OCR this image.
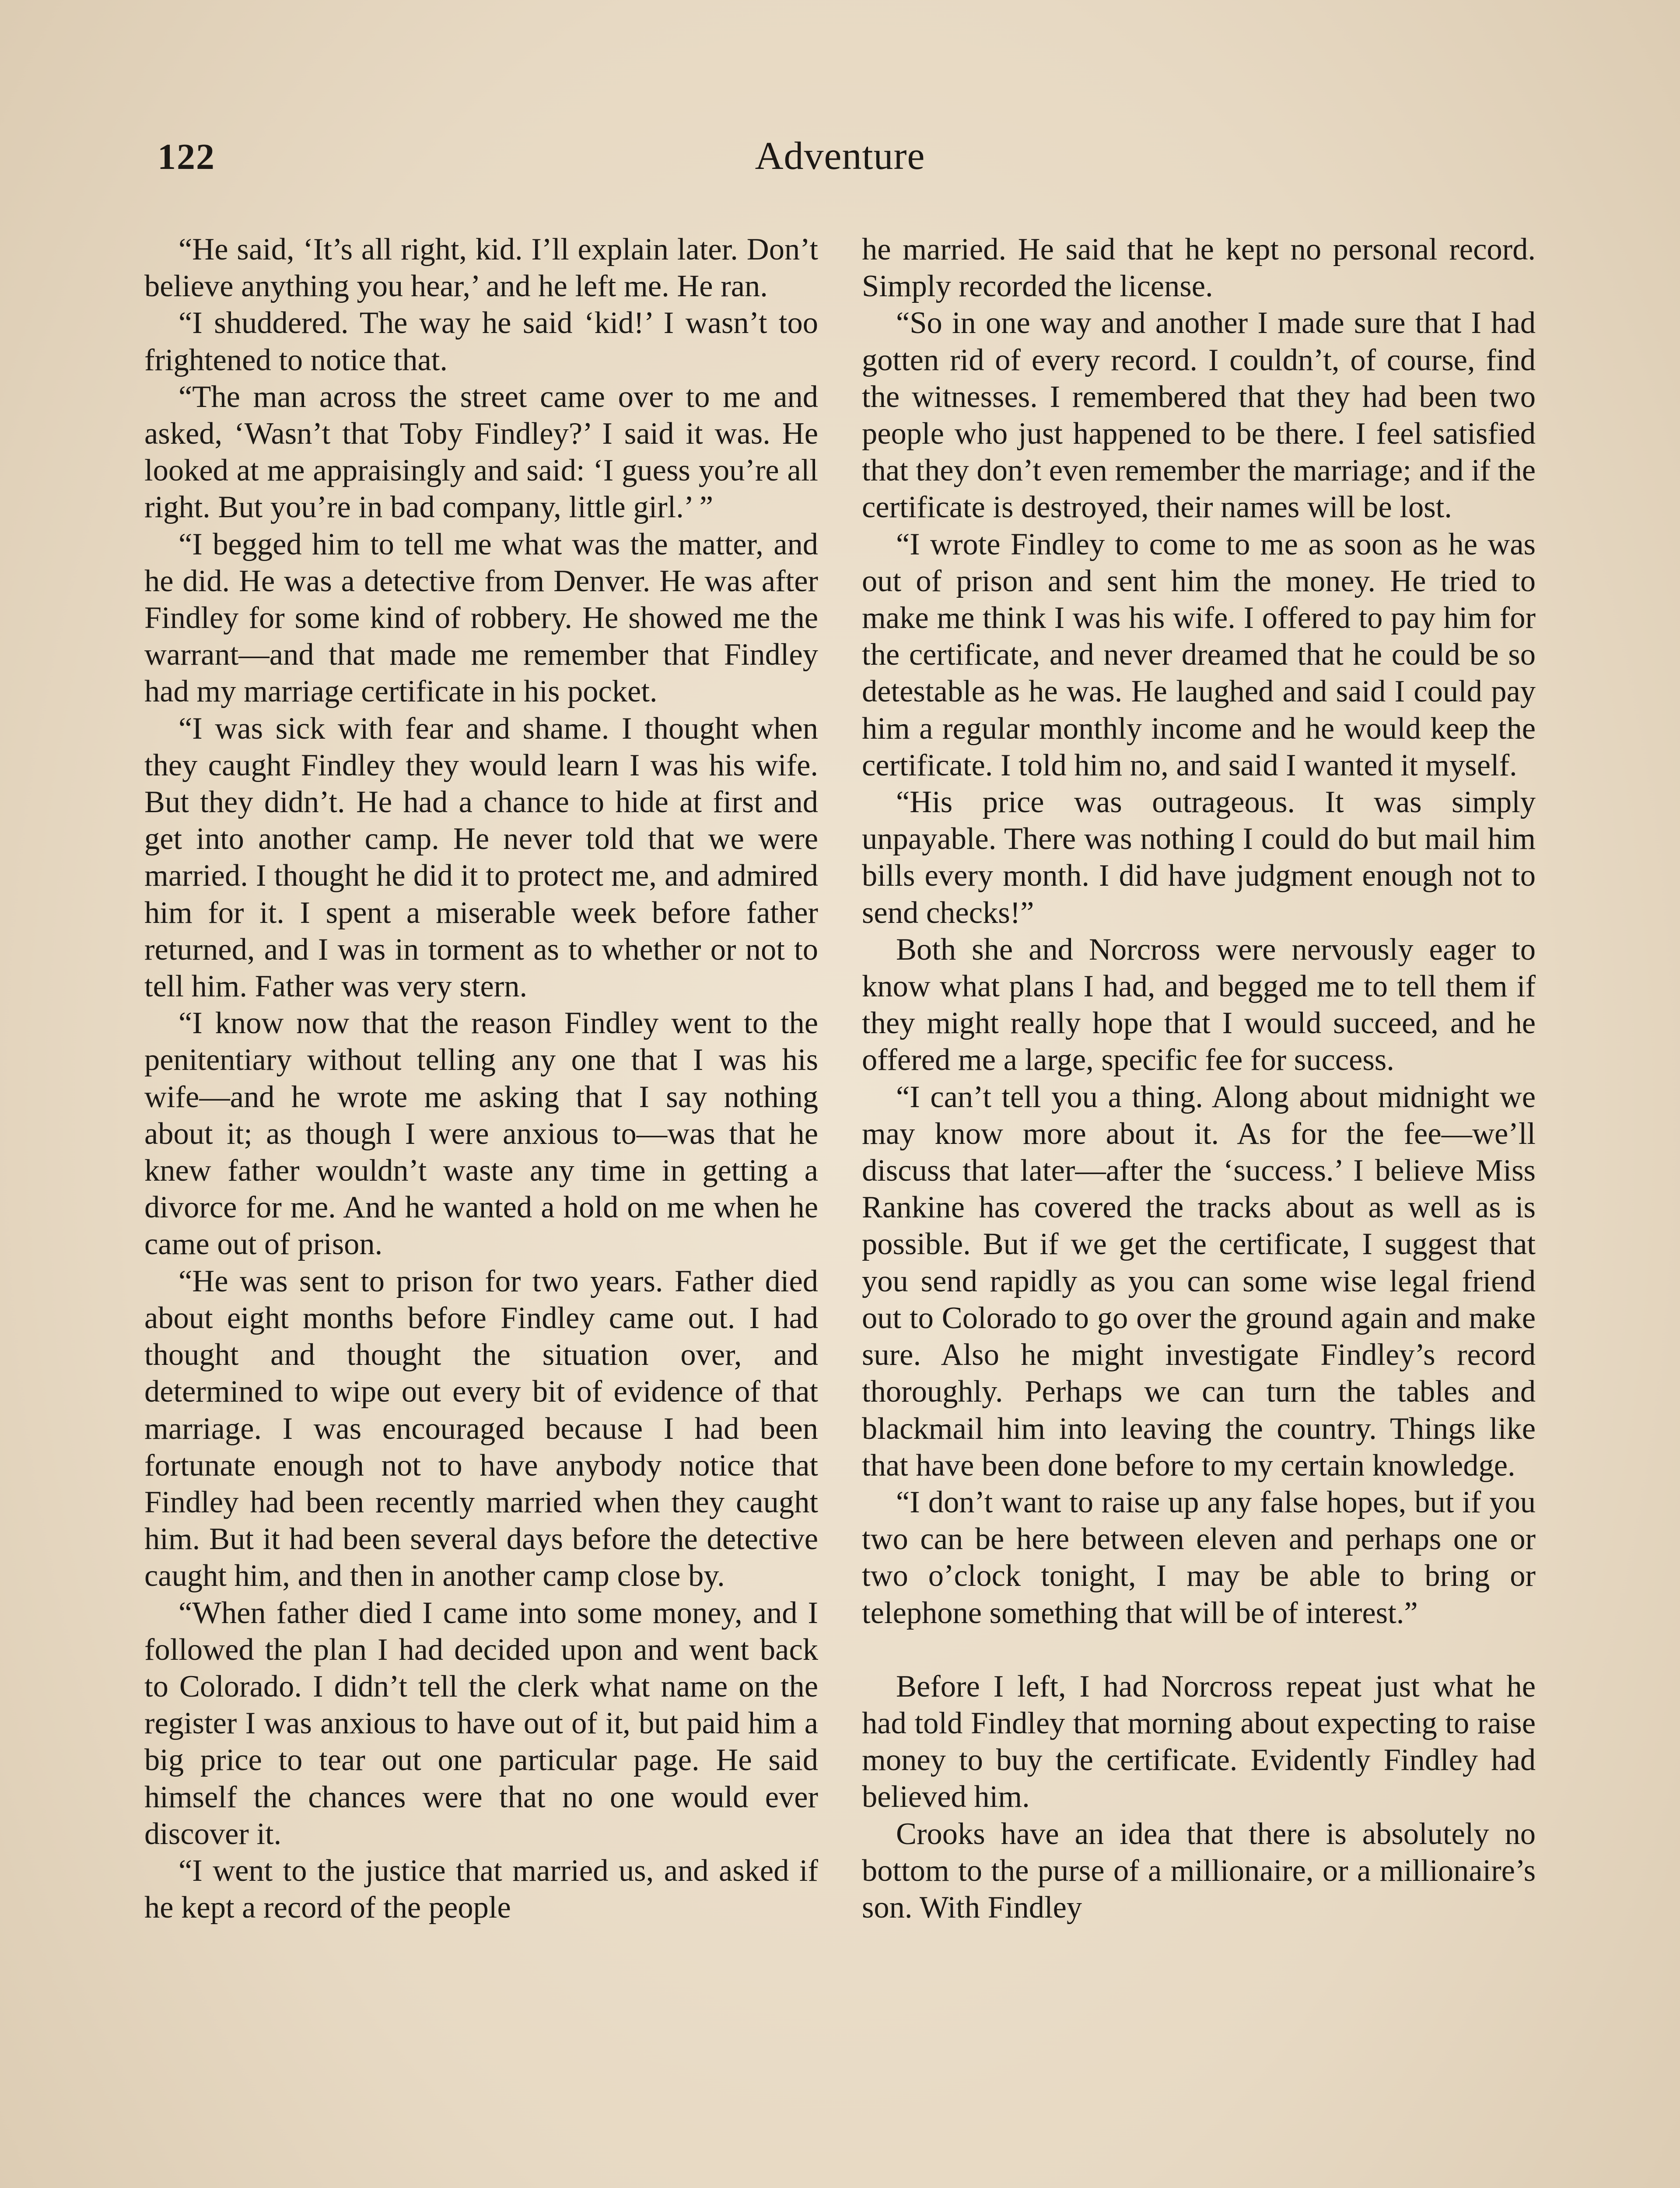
122	Adventure

“He said, ‘It’s all right, kid. I’ll explain later. Don’t believe anything you hear,’ and he left me. He ran.

“I shuddered. The way he said ‘kid!’ I wasn’t too frightened to notice that.

“The man across the street came over to me and asked, ‘Wasn’t that Toby Findley?’ I said it was. He looked at me appraisingly and said: ‘I guess you’re all right. But you’re in bad company, little girl.’ ”

“I begged him to tell me what was the matter, and he did. He was a detective from Denver. He was after Findley for some kind of robbery. He showed me the warrant—and that made me remember that Findley had my marriage certificate in his pocket.

“I was sick with fear and shame. I thought when they caught Findley they would learn I was his wife. But they didn’t. He had a chance to hide at first and get into another camp. He never told that we were married. I thought he did it to protect me, and admired him for it. I spent a miserable week before father returned, and I was in torment as to whether or not to tell him. Father was very stern.

“I know now that the reason Findley went to the penitentiary without telling any one that I was his wife—and he wrote me asking that I say nothing about it; as though I were anxious to—was that he knew father wouldn’t waste any time in getting a divorce for me. And he wanted a hold on me when he came out of prison.

“He was sent to prison for two years. Father died about eight months before Findley came out. I had thought and thought the situation over, and determined to wipe out every bit of evidence of that marriage. I was encouraged because I had been fortunate enough not to have anybody notice that Findley had been recently married when they caught him. But it had been several days before the detective caught him, and then in another camp close by.

“When father died I came into some money, and I followed the plan I had decided upon and went back to Colorado. I didn’t tell the clerk what name on the register I was anxious to have out of it, but paid him a big price to tear out one particular page. He said himself the chances were that no one would ever discover it.

“I went to the justice that married us, and asked if he kept a record of the people

he married. He said that he kept no personal record. Simply recorded the license.

“So in one way and another I made sure that I had gotten rid of every record. I couldn’t, of course, find the witnesses. I remembered that they had been two people who just happened to be there. I feel satisfied that they don’t even remember the marriage; and if the certificate is destroyed, their names will be lost.

“I wrote Findley to come to me as soon as he was out of prison and sent him the money. He tried to make me think I was his wife. I offered to pay him for the certificate, and never dreamed that he could be so detestable as he was. He laughed and said I could pay him a regular monthly income and he would keep the certificate. I told him no, and said I wanted it myself.

“His price was outrageous. It was simply unpayable. There was nothing I could do but mail him bills every month. I did have judgment enough not to send checks!”

Both she and Norcross were nervously eager to know what plans I had, and begged me to tell them if they might really hope that I would succeed, and he offered me a large, specific fee for success.

“I can’t tell you a thing. Along about midnight we may know more about it. As for the fee—we’ll discuss that later—after the ‘success.’ I believe Miss Rankine has covered the tracks about as well as is possible. But if we get the certificate, I suggest that you send rapidly as you can some wise legal friend out to Colorado to go over the ground again and make sure. Also he might investigate Findley’s record thoroughly. Perhaps we can turn the tables and blackmail him into leaving the country. Things like that have been done before to my certain knowledge.

“I don’t want to raise up any false hopes, but if you two can be here between eleven and perhaps one or two o’clock tonight, I may be able to bring or telephone something that will be of interest.”

Before I left, I had Norcross repeat just what he had told Findley that morning about expecting to raise money to buy the certificate. Evidently Findley had believed him.

Crooks have an idea that there is absolutely no bottom to the purse of a millionaire, or a millionaire’s son. With Findley
